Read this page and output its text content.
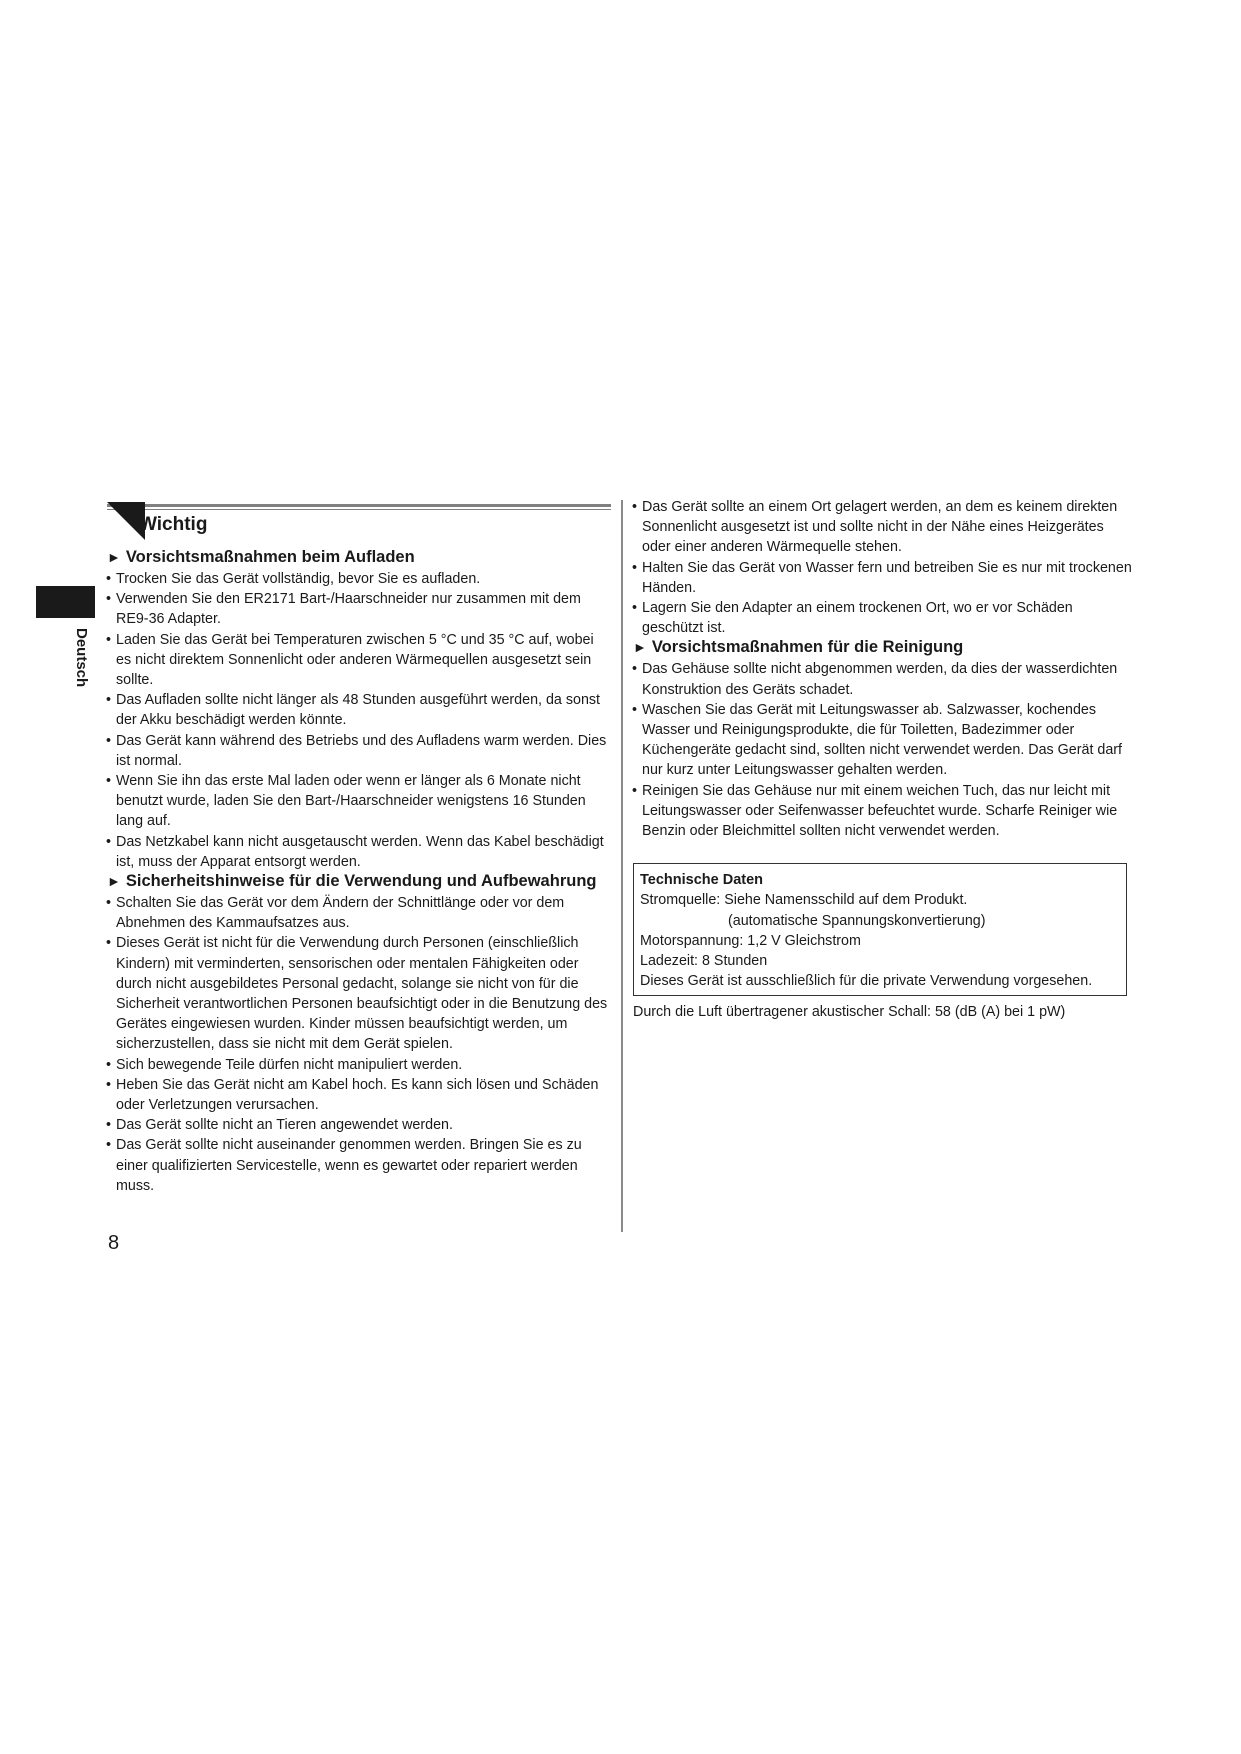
Deutsch
Wichtig
► Vorsichtsmaßnahmen beim Aufladen
• Trocken Sie das Gerät vollständig, bevor Sie es aufladen.
• Verwenden Sie den ER2171 Bart-/Haarschneider nur zusammen mit dem RE9-36 Adapter.
• Laden Sie das Gerät bei Temperaturen zwischen 5 °C und 35 °C auf, wobei es nicht direktem Sonnenlicht oder anderen Wärmequellen ausgesetzt sein sollte.
• Das Aufladen sollte nicht länger als 48 Stunden ausgeführt werden, da sonst der Akku beschädigt werden könnte.
• Das Gerät kann während des Betriebs und des Aufladens warm werden. Dies ist normal.
• Wenn Sie ihn das erste Mal laden oder wenn er länger als 6 Monate nicht benutzt wurde, laden Sie den Bart-/Haarschneider wenigstens 16 Stunden lang auf.
• Das Netzkabel kann nicht ausgetauscht werden. Wenn das Kabel beschädigt ist, muss der Apparat entsorgt werden.
► Sicherheitshinweise für die Verwendung und Aufbewahrung
• Schalten Sie das Gerät vor dem Ändern der Schnittlänge oder vor dem Abnehmen des Kammaufsatzes aus.
• Dieses Gerät ist nicht für die Verwendung durch Personen (einschließlich Kindern) mit verminderten, sensorischen oder mentalen Fähigkeiten oder durch nicht ausgebildetes Personal gedacht, solange sie nicht von für die Sicherheit verantwortlichen Personen beaufsichtigt oder in die Benutzung des Gerätes eingewiesen wurden. Kinder müssen beaufsichtigt werden, um sicherzustellen, dass sie nicht mit dem Gerät spielen.
• Sich bewegende Teile dürfen nicht manipuliert werden.
• Heben Sie das Gerät nicht am Kabel hoch. Es kann sich lösen und Schäden oder Verletzungen verursachen.
• Das Gerät sollte nicht an Tieren angewendet werden.
• Das Gerät sollte nicht auseinander genommen werden. Bringen Sie es zu einer qualifizierten Servicestelle, wenn es gewartet oder repariert werden muss.
• Das Gerät sollte an einem Ort gelagert werden, an dem es keinem direkten Sonnenlicht ausgesetzt ist und sollte nicht in der Nähe eines Heizgerätes oder einer anderen Wärmequelle stehen.
• Halten Sie das Gerät von Wasser fern und betreiben Sie es nur mit trockenen Händen.
• Lagern Sie den Adapter an einem trockenen Ort, wo er vor Schäden geschützt ist.
► Vorsichtsmaßnahmen für die Reinigung
• Das Gehäuse sollte nicht abgenommen werden, da dies der wasserdichten Konstruktion des Geräts schadet.
• Waschen Sie das Gerät mit Leitungswasser ab. Salzwasser, kochendes Wasser und Reinigungsprodukte, die für Toiletten, Badezimmer oder Küchengeräte gedacht sind, sollten nicht verwendet werden. Das Gerät darf nur kurz unter Leitungswasser gehalten werden.
• Reinigen Sie das Gehäuse nur mit einem weichen Tuch, das nur leicht mit Leitungswasser oder Seifenwasser befeuchtet wurde. Scharfe Reiniger wie Benzin oder Bleichmittel sollten nicht verwendet werden.
Technische Daten
Stromquelle: Siehe Namensschild auf dem Produkt.
(automatische Spannungskonvertierung)
Motorspannung: 1,2 V Gleichstrom
Ladezeit: 8 Stunden
Dieses Gerät ist ausschließlich für die private Verwendung vorgesehen.
Durch die Luft übertragener akustischer Schall: 58 (dB (A) bei 1 pW)
8
